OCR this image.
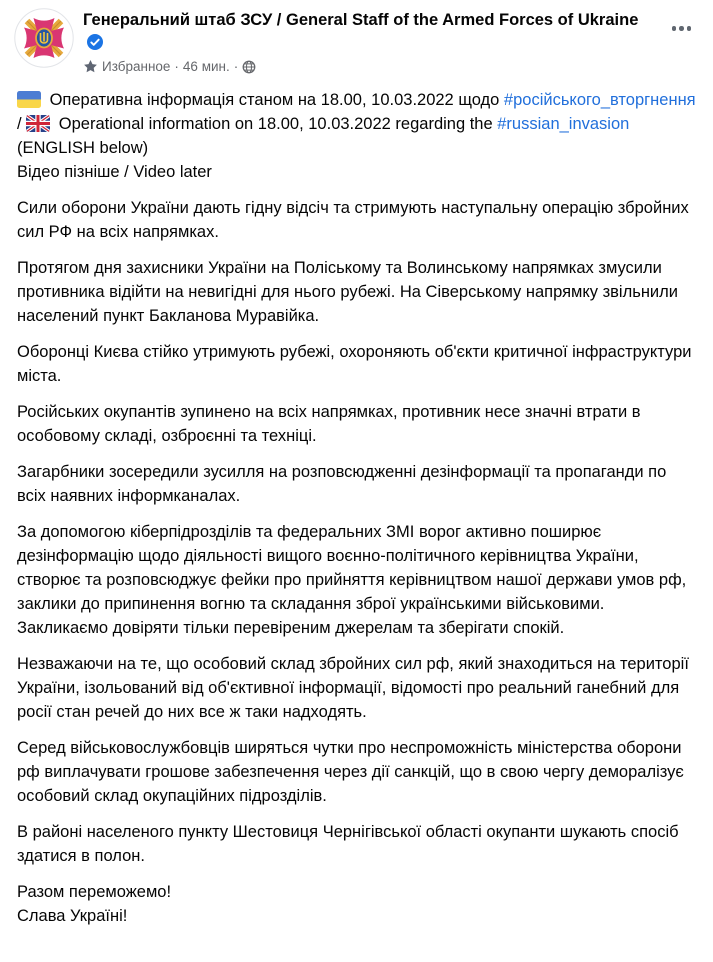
Генеральний штаб ЗСУ / General Staff of the Armed Forces of Ukraine
Избранное · 46 мин. ·

Оперативна інформація станом на 18.00, 10.03.2022 щодо #російського_вторгнення /
Operational information on 18.00, 10.03.2022 regarding the #russian_invasion (ENGLISH below)
Відео пізніше / Video later

Сили оборони України дають гідну відсіч та стримують наступальну операцію збройних сил РФ на всіх напрямках.

Протягом дня захисники України на Поліському та Волинському напрямках змусили противника відійти на невигідні для нього рубежі. На Сіверському напрямку звільнили населений пункт Бакланова Муравійка.

Оборонці Києва стійко утримують рубежі, охороняють об'єкти критичної інфраструктури міста.

Російських окупантів зупинено на всіх напрямках, противник несе значні втрати в особовому складі, озброєнні та техніці.

Загарбники зосередили зусилля на розповсюдженні дезінформації та пропаганди по всіх наявних інформканалах.

За допомогою кіберпідрозділів та федеральних ЗМІ ворог активно поширює дезінформацію щодо діяльності вищого воєнно-політичного керівництва України, створює та розповсюджує фейки про прийняття керівництвом нашої держави умов рф, заклики до припинення вогню та складання зброї українськими військовими. Закликаємо довіряти тільки перевіреним джерелам та зберігати спокій.

Незважаючи на те, що особовий склад збройних сил рф, який знаходиться на території України, ізольований від об'єктивної інформації, відомості про реальний ганебний для росії стан речей до них все ж таки надходять.

Серед військовослужбовців ширяться чутки про неспроможність міністерства оборони рф виплачувати грошове забезпечення через дії санкцій, що в свою чергу деморалізує особовий склад окупаційних підрозділів.

В районі населеного пункту Шестовиця Чернігівської області окупанти шукають спосіб здатися в полон.

Разом переможемо!
Слава Україні!
